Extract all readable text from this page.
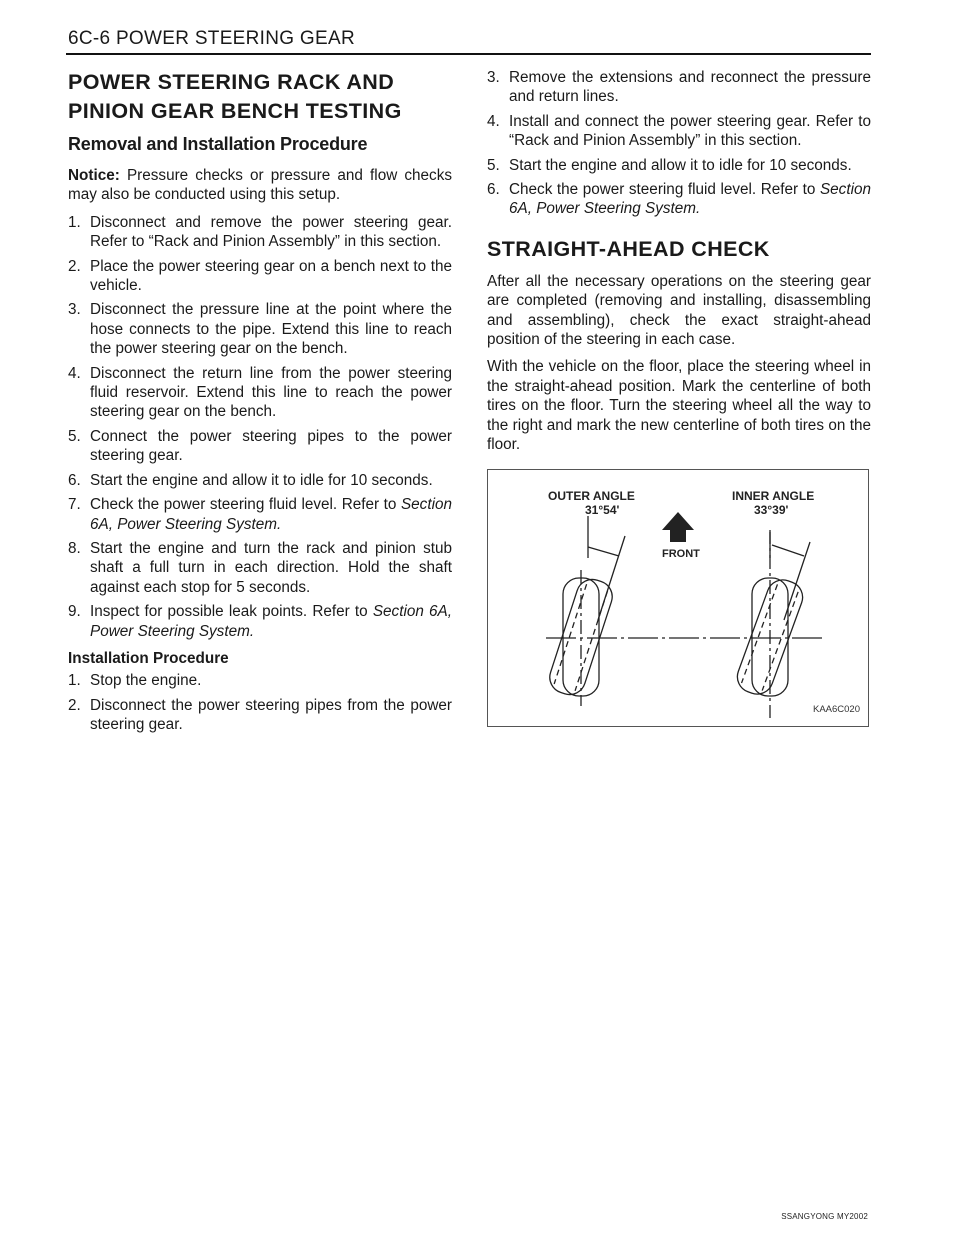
6C-6 POWER STEERING GEAR
POWER STEERING RACK AND
PINION GEAR BENCH TESTING
Removal and Installation Procedure

Notice: Pressure checks or pressure and flow checks may also be conducted using this setup.

1. Disconnect and remove the power steering gear. Refer to “Rack and Pinion Assembly” in this section.
2. Place the power steering gear on a bench next to the vehicle.
3. Disconnect the pressure line at the point where the hose connects to the pipe. Extend this line to reach the power steering gear on the bench.
4. Disconnect the return line from the power steering fluid reservoir. Extend this line to reach the power steering gear on the bench.
5. Connect the power steering pipes to the power steering gear.
6. Start the engine and allow it to idle for 10 seconds.
7. Check the power steering fluid level. Refer to Section 6A, Power Steering System.
8. Start the engine and turn the rack and pinion stub shaft a full turn in each direction. Hold the shaft against each stop for 5 seconds.
9. Inspect for possible leak points. Refer to Section 6A, Power Steering System.
Installation Procedure
1. Stop the engine.
2. Disconnect the power steering pipes from the power steering gear.
3. Remove the extensions and reconnect the pressure and return lines.
4. Install and connect the power steering gear. Refer to “Rack and Pinion Assembly” in this section.
5. Start the engine and allow it to idle for 10 seconds.
6. Check the power steering fluid level. Refer to Section 6A, Power Steering System.
STRAIGHT-AHEAD CHECK

After all the necessary operations on the steering gear are completed (removing and installing, disassembling and assembling), check the exact straight-ahead position of the steering in each case.

With the vehicle on the floor, place the steering wheel in the straight-ahead position. Mark the centerline of both tires on the floor. Turn the steering wheel all the way to the right and mark the new centerline of both tires on the floor.

OUTER ANGLE
31°54'
INNER ANGLE
33°39'
FRONT
KAA6C020
SSANGYONG MY2002
